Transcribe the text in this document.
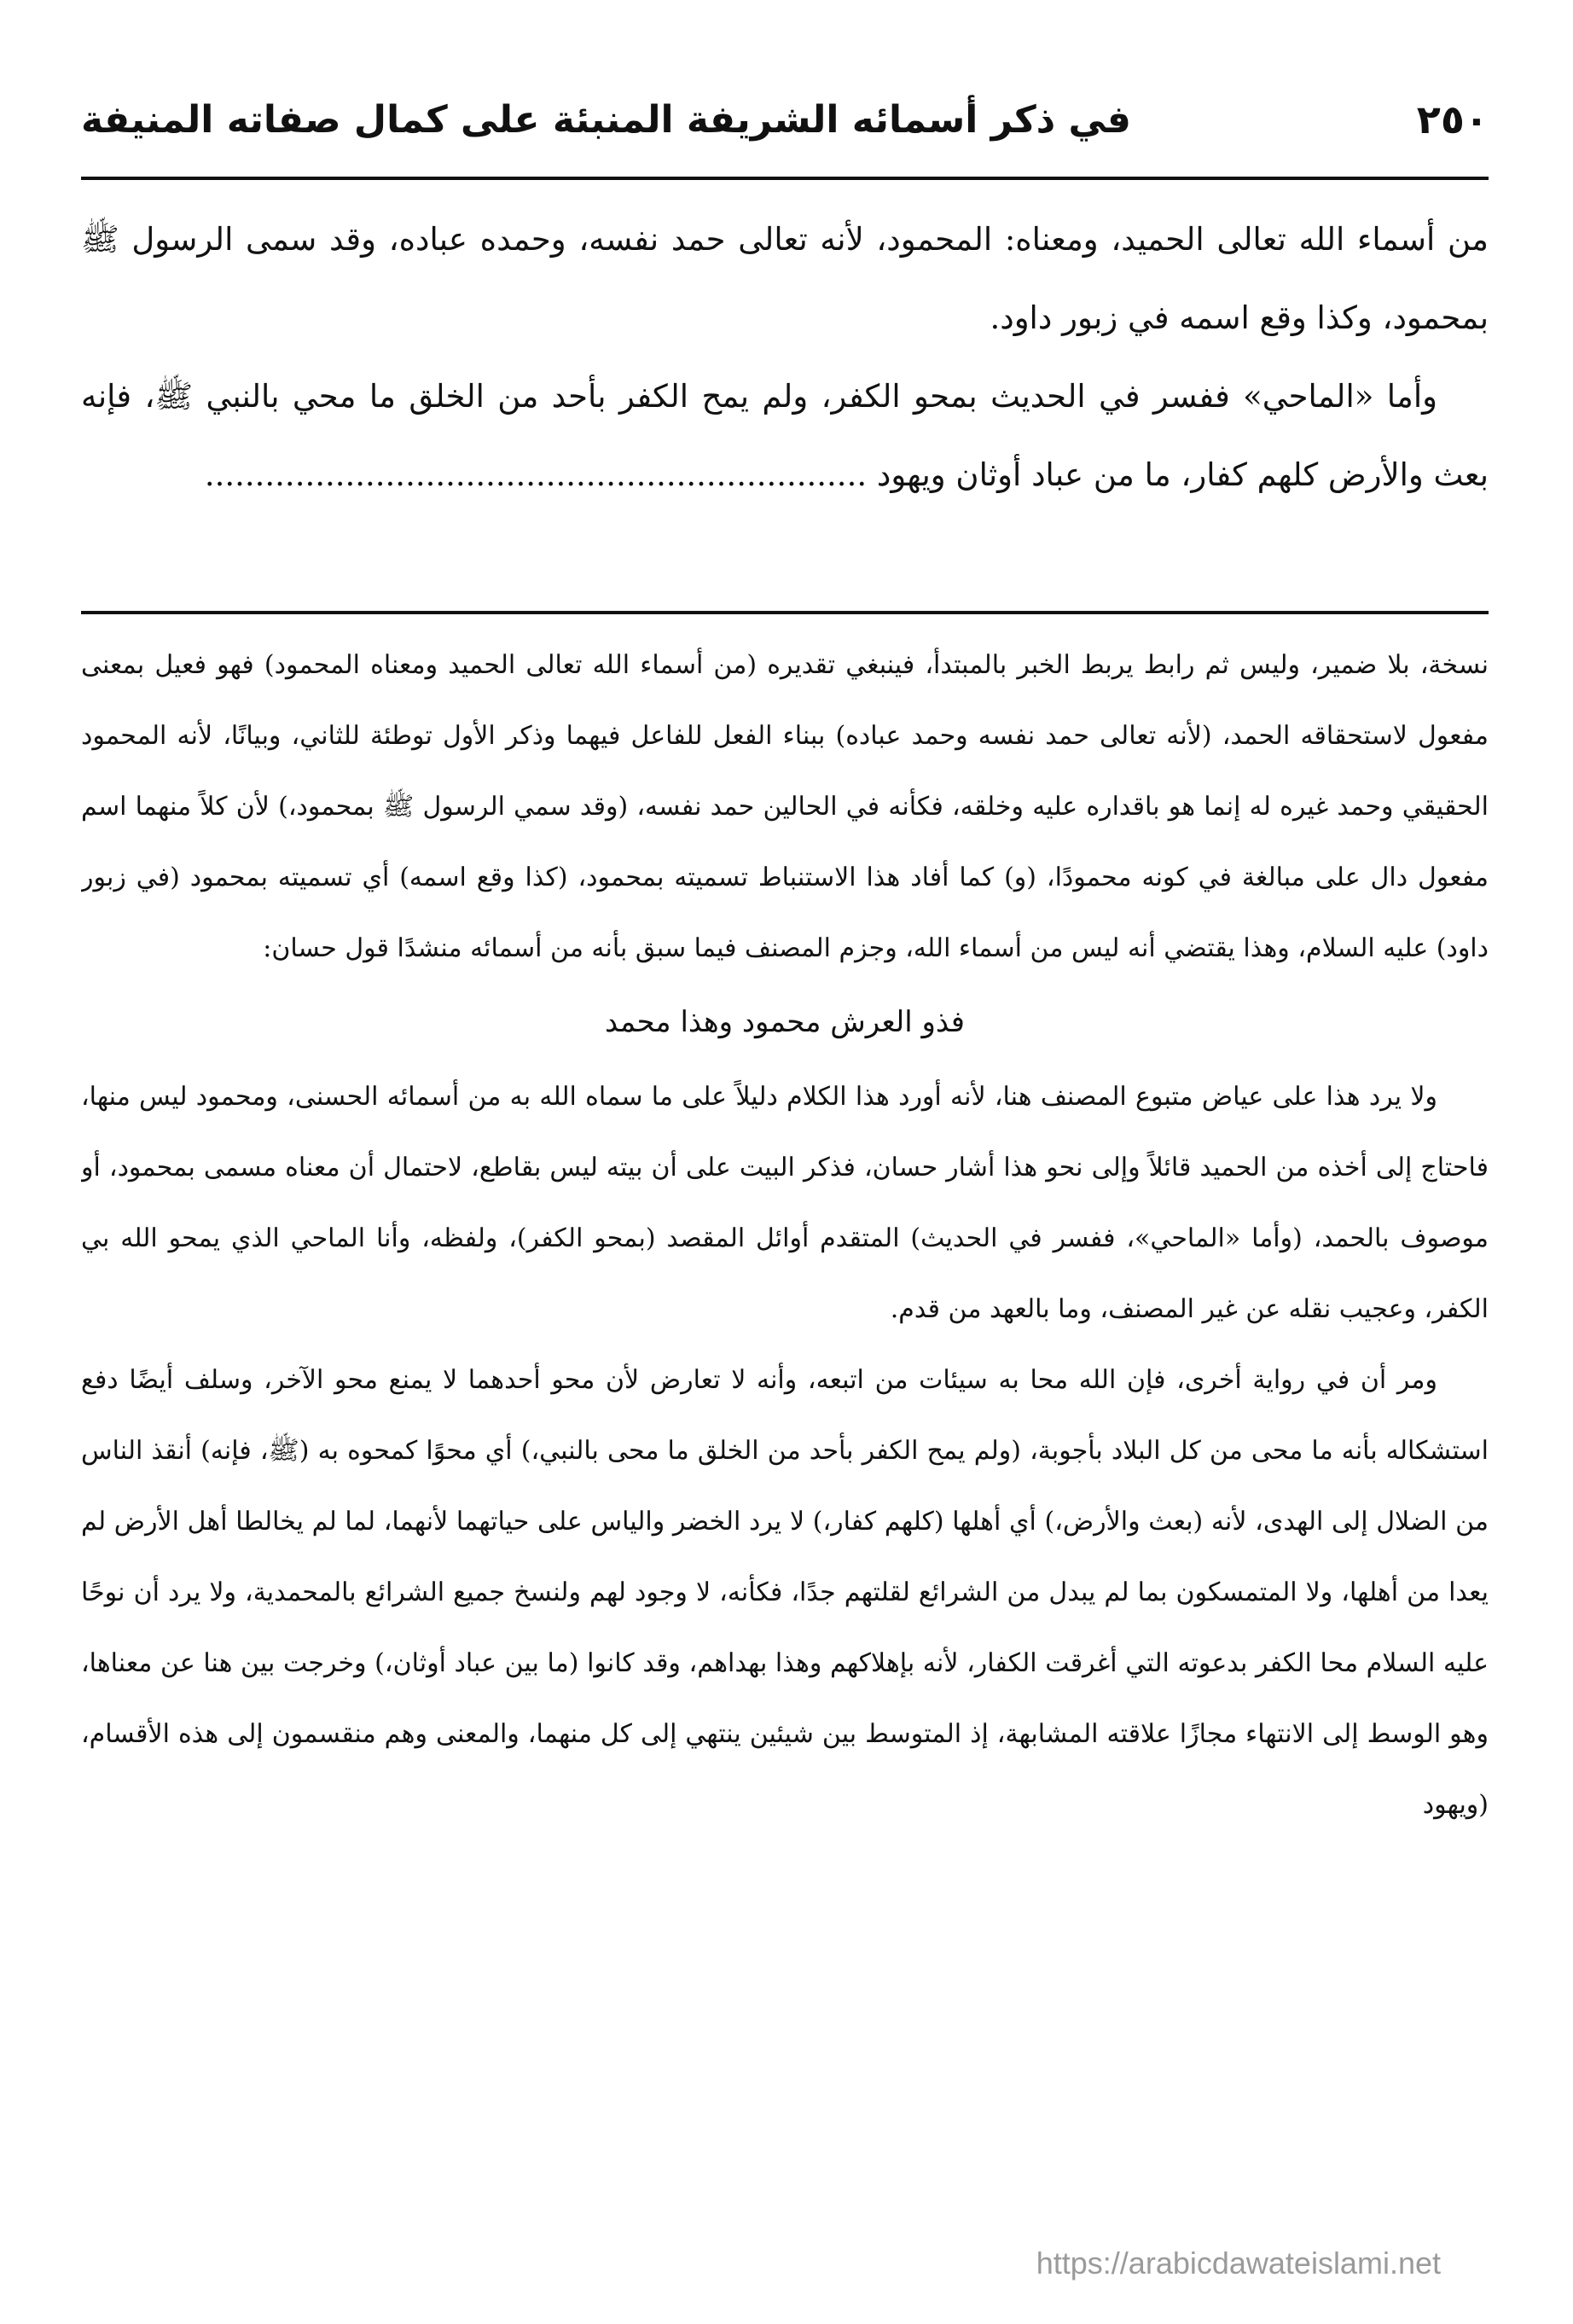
٢٥٠
في ذكر أسمائه الشريفة المنبئة على كمال صفاته المنيفة

من أسماء الله تعالى الحميد، ومعناه: المحمود، لأنه تعالى حمد نفسه، وحمده عباده، وقد سمى الرسول ﷺ بمحمود، وكذا وقع اسمه في زبور داود.

وأما «الماحي» ففسر في الحديث بمحو الكفر، ولم يمح الكفر بأحد من الخلق ما محي بالنبي ﷺ، فإنه بعث والأرض كلهم كفار، ما من عباد أوثان ويهود ..................................................................

نسخة، بلا ضمير، وليس ثم رابط يربط الخبر بالمبتدأ، فينبغي تقديره (من أسماء الله تعالى الحميد ومعناه المحمود) فهو فعيل بمعنى مفعول لاستحقاقه الحمد، (لأنه تعالى حمد نفسه وحمد عباده) ببناء الفعل للفاعل فيهما وذكر الأول توطئة للثاني، وبيانًا، لأنه المحمود الحقيقي وحمد غيره له إنما هو باقداره عليه وخلقه، فكأنه في الحالين حمد نفسه، (وقد سمي الرسول ﷺ بمحمود،) لأن كلاً منهما اسم مفعول دال على مبالغة في كونه محمودًا، (و) كما أفاد هذا الاستنباط تسميته بمحمود، (كذا وقع اسمه) أي تسميته بمحمود (في زبور داود) عليه السلام، وهذا يقتضي أنه ليس من أسماء الله، وجزم المصنف فيما سبق بأنه من أسمائه منشدًا قول حسان:

فذو العرش محمود وهذا محمد

ولا يرد هذا على عياض متبوع المصنف هنا، لأنه أورد هذا الكلام دليلاً على ما سماه الله به من أسمائه الحسنى، ومحمود ليس منها، فاحتاج إلى أخذه من الحميد قائلاً وإلى نحو هذا أشار حسان، فذكر البيت على أن بيته ليس بقاطع، لاحتمال أن معناه مسمى بمحمود، أو موصوف بالحمد، (وأما «الماحي»، ففسر في الحديث) المتقدم أوائل المقصد (بمحو الكفر)، ولفظه، وأنا الماحي الذي يمحو الله بي الكفر، وعجيب نقله عن غير المصنف، وما بالعهد من قدم.

ومر أن في رواية أخرى، فإن الله محا به سيئات من اتبعه، وأنه لا تعارض لأن محو أحدهما لا يمنع محو الآخر، وسلف أيضًا دفع استشكاله بأنه ما محى من كل البلاد بأجوبة، (ولم يمح الكفر بأحد من الخلق ما محى بالنبي،) أي محوًا كمحوه به (ﷺ، فإنه) أنقذ الناس من الضلال إلى الهدى، لأنه (بعث والأرض،) أي أهلها (كلهم كفار،) لا يرد الخضر والياس على حياتهما لأنهما، لما لم يخالطا أهل الأرض لم يعدا من أهلها، ولا المتمسكون بما لم يبدل من الشرائع لقلتهم جدًا، فكأنه، لا وجود لهم ولنسخ جميع الشرائع بالمحمدية، ولا يرد أن نوحًا عليه السلام محا الكفر بدعوته التي أغرقت الكفار، لأنه بإهلاكهم وهذا بهداهم، وقد كانوا (ما بين عباد أوثان،) وخرجت بين هنا عن معناها، وهو الوسط إلى الانتهاء مجازًا علاقته المشابهة، إذ المتوسط بين شيئين ينتهي إلى كل منهما، والمعنى وهم منقسمون إلى هذه الأقسام، (ويهود

https://arabicdawateislami.net
